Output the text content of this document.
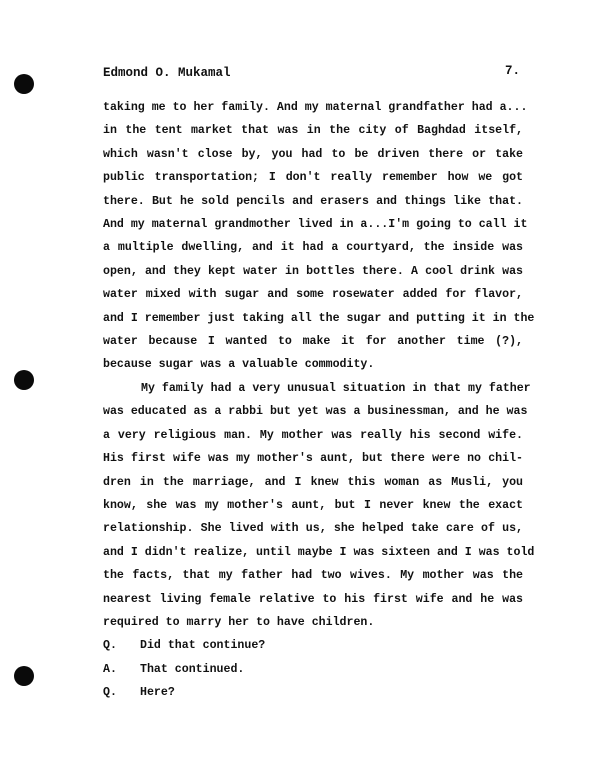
Edmond O. Mukamal	7.
taking me to her family. And my maternal grandfather had a...
in the tent market that was in the city of Baghdad itself,
which wasn't close by, you had to be driven there or take
public transportation; I don't really remember how we got
there. But he sold pencils and erasers and things like that.
And my maternal grandmother lived in a...I'm going to call it
a multiple dwelling, and it had a courtyard, the inside was
open, and they kept water in bottles there. A cool drink was
water mixed with sugar and some rosewater added for flavor,
and I remember just taking all the sugar and putting it in the
water because I wanted to make it for another time (?),
because sugar was a valuable commodity.
My family had a very unusual situation in that my father
was educated as a rabbi but yet was a businessman, and he was
a very religious man. My mother was really his second wife.
His first wife was my mother's aunt, but there were no chil-
dren in the marriage, and I knew this woman as Musli, you
know, she was my mother's aunt, but I never knew the exact
relationship. She lived with us, she helped take care of us,
and I didn't realize, until maybe I was sixteen and I was told
the facts, that my father had two wives. My mother was the
nearest living female relative to his first wife and he was
required to marry her to have children.
Q. Did that continue?
A. That continued.
Q. Here?
